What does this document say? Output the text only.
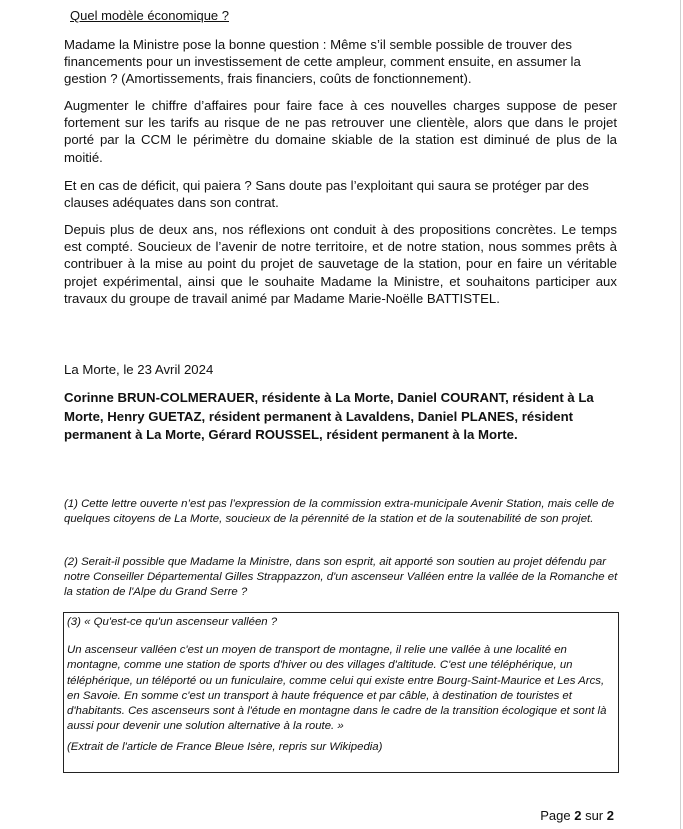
Quel modèle économique ?

Madame la Ministre pose la bonne question : Même s’il semble possible de trouver des financements pour un investissement de cette ampleur, comment ensuite, en assumer la gestion ? (Amortissements, frais financiers, coûts de fonctionnement).

Augmenter le chiffre d’affaires pour faire face à ces nouvelles charges suppose de peser fortement sur les tarifs au risque de ne pas retrouver une clientèle, alors que dans le projet porté par la CCM le périmètre du domaine skiable de la station est diminué de plus de la moitié.

Et en cas de déficit, qui paiera ? Sans doute pas l’exploitant qui saura se protéger par des clauses adéquates dans son contrat.

Depuis plus de deux ans, nos réflexions ont conduit à des propositions concrètes. Le temps est compté. Soucieux de l’avenir de notre territoire, et de notre station, nous sommes prêts à contribuer à la mise au point du projet de sauvetage de la station, pour en faire un véritable projet expérimental, ainsi que le souhaite Madame la Ministre, et souhaitons participer aux travaux du groupe de travail animé par Madame Marie-Noëlle BATTISTEL.

La Morte, le 23 Avril 2024

Corinne BRUN-COLMERAUER, résidente à La Morte, Daniel COURANT, résident à La Morte, Henry GUETAZ, résident permanent à Lavaldens, Daniel PLANES, résident permanent à La Morte, Gérard ROUSSEL, résident permanent à la Morte.

(1) Cette lettre ouverte n’est pas l’expression de la commission extra-municipale Avenir Station, mais celle de quelques citoyens de La Morte, soucieux de la pérennité de la station et de la soutenabilité de son projet.

(2) Serait-il possible que Madame la Ministre, dans son esprit, ait apporté son soutien au projet défendu par notre Conseiller Départemental Gilles Strappazzon, d'un ascenseur Valléen entre la vallée de la Romanche et la station de l'Alpe du Grand Serre ?

(3) « Qu'est-ce qu'un ascenseur valléen ?

Un ascenseur valléen c'est un moyen de transport de montagne, il relie une vallée à une localité en montagne, comme une station de sports d'hiver ou des villages d'altitude. C'est une téléphérique, un téléphérique, un téléporté ou un funiculaire, comme celui qui existe entre Bourg-Saint-Maurice et Les Arcs, en Savoie. En somme c'est un transport à haute fréquence et par câble, à destination de touristes et d'habitants. Ces ascenseurs sont à l'étude en montagne dans le cadre de la transition écologique et sont là aussi pour devenir une solution alternative à la route. »

(Extrait de l'article de France Bleue Isère, repris sur Wikipedia)

Page 2 sur 2
